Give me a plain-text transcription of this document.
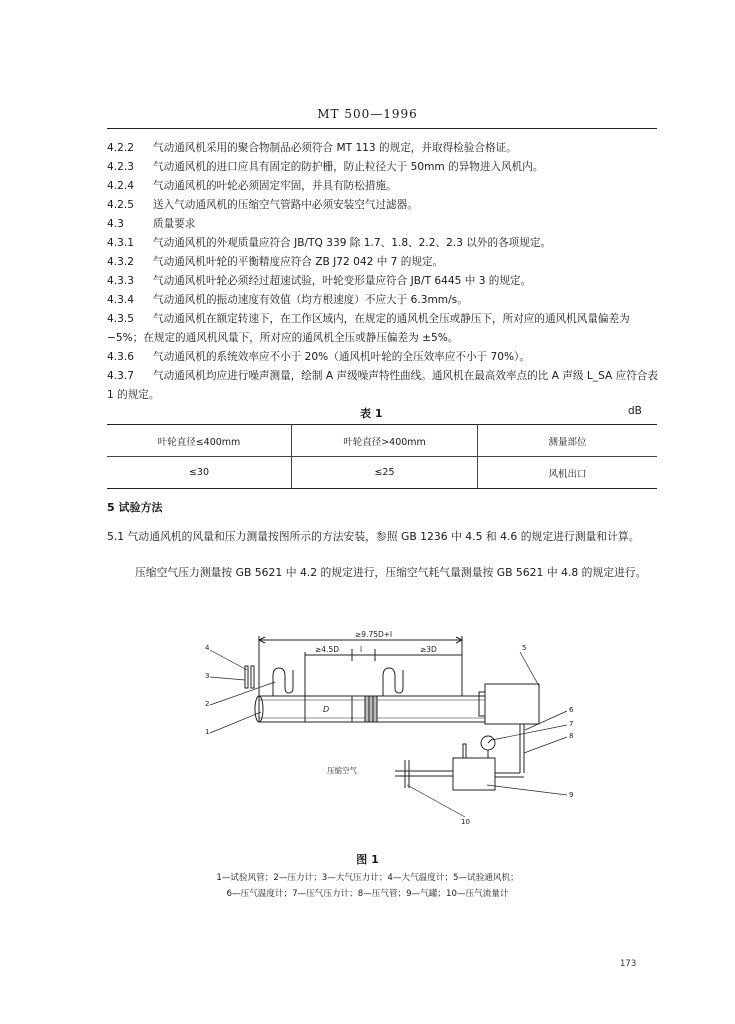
MT 500—1996
4.2.2	气动通风机采用的聚合物制品必须符合 MT 113 的规定，并取得检验合格证。
4.2.3	气动通风机的进口应具有固定的防护栅，防止粒径大于 50mm 的异物进入风机内。
4.2.4	气动通风机的叶轮必须固定牢固，并具有防松措施。
4.2.5	送入气动通风机的压缩空气管路中必须安装空气过滤器。
4.3	质量要求
4.3.1	气动通风机的外观质量应符合 JB/TQ 339 除 1.7、1.8、2.2、2.3 以外的各项规定。
4.3.2	气动通风机叶轮的平衡精度应符合 ZB J72 042 中 7 的规定。
4.3.3	气动通风机叶轮必须经过超速试验，叶轮变形量应符合 JB/T 6445 中 3 的规定。
4.3.4	气动通风机的振动速度有效值（均方根速度）不应大于 6.3mm/s。
4.3.5 气动通风机在额定转速下，在工作区域内，在规定的通风机全压或静压下，所对应的通风机风量偏差为 −5%；在规定的通风机风量下，所对应的通风机全压或静压偏差为 ±5%。
4.3.6	气动通风机的系统效率应不小于 20%（通风机叶轮的全压效率应不小于 70%）。
4.3.7 气动通风机均应进行噪声测量，绘制 A 声级噪声特性曲线。通风机在最高效率点的比 A 声级 L_SA 应符合表 1 的规定。
表 1	dB
叶轮直径≤400mm	叶轮直径>400mm	测量部位
≤30	≤25	风机出口
5 试验方法
5.1 气动通风机的风量和压力测量按图所示的方法安装，参照 GB 1236 中 4.5 和 4.6 的规定进行测量和计算。
压缩空气压力测量按 GB 5621 中 4.2 的规定进行，压缩空气耗气量测量按 GB 5621 中 4.8 的规定进行。
≥9.75D+l
≥4.5D	l	≥3D
D
压缩空气
4
3
2
1
5
6
7
8
9
10
图 1
1—试验风管；2—压力计；3—大气压力计；4—大气温度计；5—试验通风机；
6—压气温度计；7—压气压力计；8—压气管；9—气罐；10—压气流量计
173
